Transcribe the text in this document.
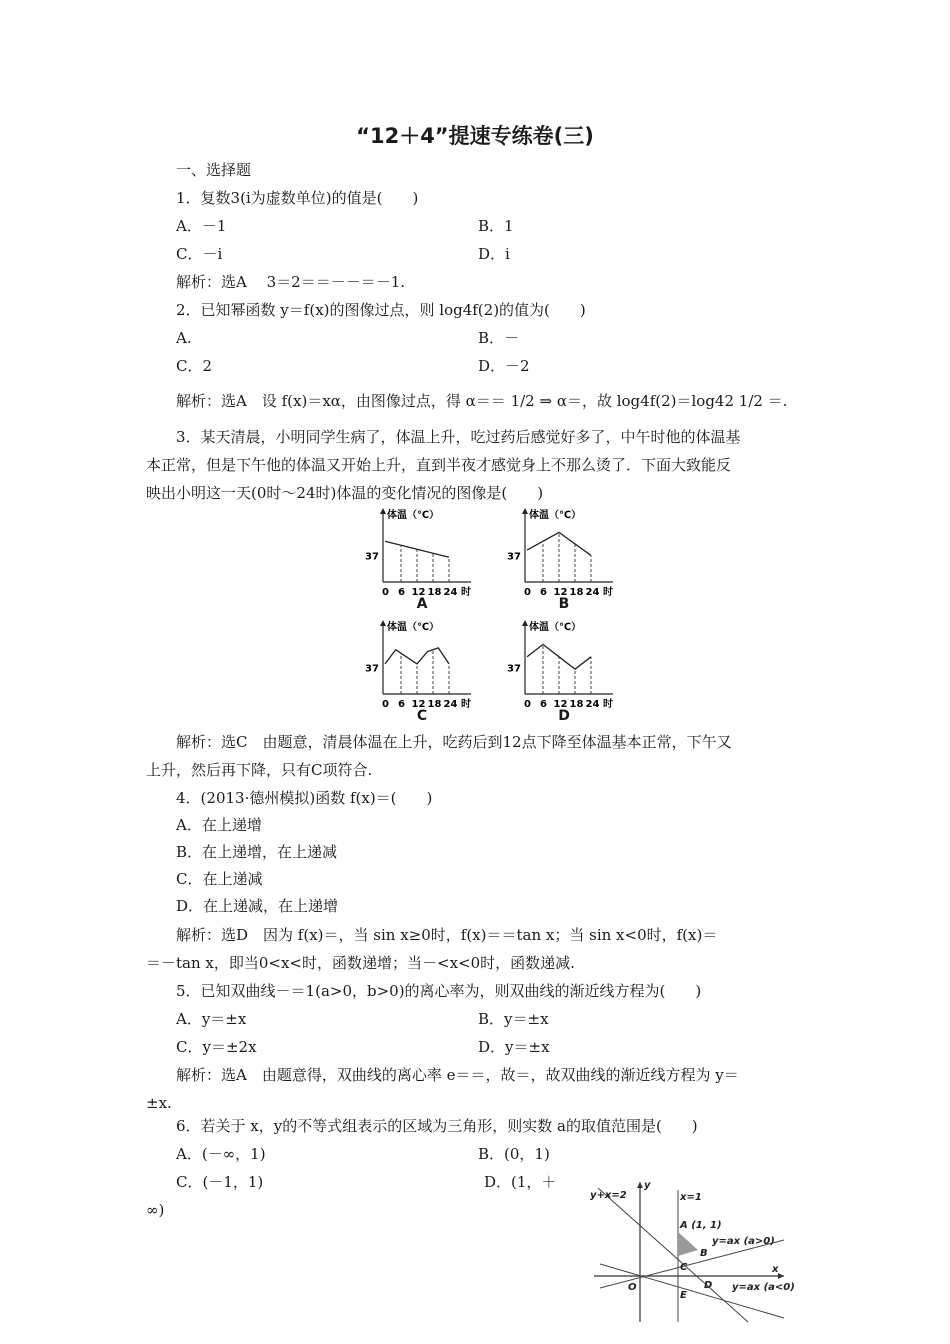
“12＋4”提速专练卷(三)
一、选择题
1．复数3(i为虚数单位)的值是(　　)
A．－1	B．1
C．－i	D．i
解析：选A　 3＝2＝＝－－＝－1.
2．已知幂函数 y＝f(x)的图像过点，则 log4f(2)的值为(　　)
A.	B．－
C．2	D．－2
解析：选A　设 f(x)＝xα，由图像过点，得 α＝＝ 1/2 ⇒ α＝，故 log4f(2)＝log42 1/2 ＝.
3．某天清晨，小明同学生病了，体温上升，吃过药后感觉好多了，中午时他的体温基
本正常，但是下午他的体温又开始上升，直到半夜才感觉身上不那么烫了．下面大致能反
映出小明这一天(0时～24时)体温的变化情况的图像是(　　)
体温（℃）
37
0 6 12 18 24 时
A
体温（℃）
37
0 6 12 18 24 时
B
体温（℃）
37
0 6 12 18 24 时
C
体温（℃）
37
0 6 12 18 24 时
D
解析：选C　由题意，清晨体温在上升，吃药后到12点下降至体温基本正常，下午又
上升，然后再下降，只有C项符合.
4．(2013·德州模拟)函数 f(x)＝(　　)
A．在上递增
B．在上递增，在上递减
C．在上递减
D．在上递减，在上递增
解析：选D　因为 f(x)＝，当 sin x≥0时，f(x)＝＝tan x；当 sin x<0时，f(x)＝
＝－tan x，即当0<x<时，函数递增；当－<x<0时，函数递减.
5．已知双曲线－＝1(a>0，b>0)的离心率为，则双曲线的渐近线方程为(　　)
A．y＝±x	B．y＝±x
C．y＝±2x	D．y＝±x
解析：选A　由题意得，双曲线的离心率 e＝＝，故＝，故双曲线的渐近线方程为 y＝
±x.
6．若关于 x，y的不等式组表示的区域为三角形，则实数 a的取值范围是(　　)
A．(－∞，1)	B．(0，1)
C．(－1，1)	D．(1，＋
∞)
y+x=2	x=1
y
x
A (1, 1)
B
C
D
E
O
y=ax (a>0)
y=ax (a<0)
